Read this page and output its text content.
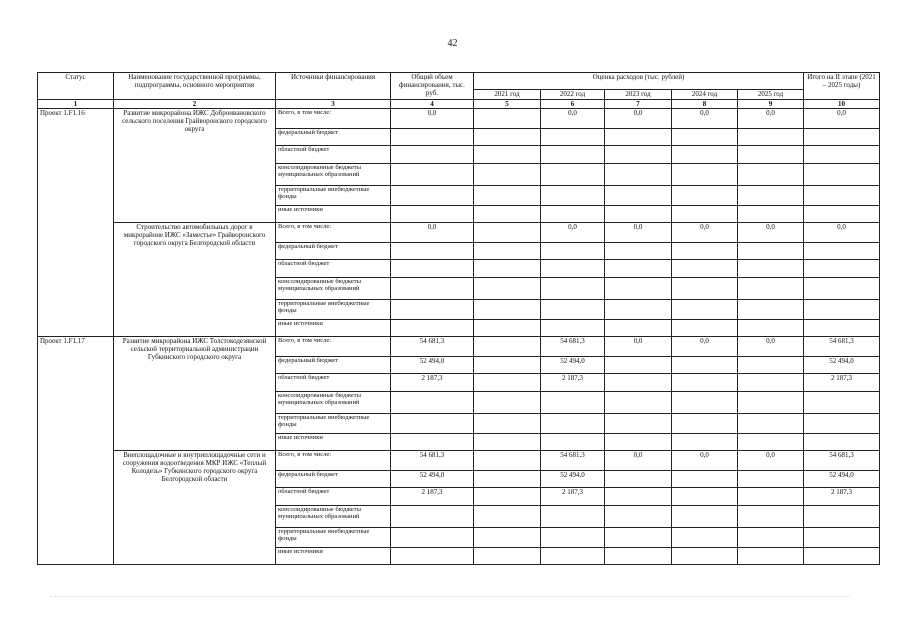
42
Статус	Наименование государственной программы, подпрограммы, основного мероприятия	Источники финансирования	Общий объем финансирования, тыс. руб.	Оценка расходов (тыс. рублей)					Итого на II этапе (2021 – 2025 годы)
				2021 год	2022 год	2023 год	2024 год	2025 год	
1	2	3	4	5	6	7	8	9	10
Проект 1.F1.16	Развитие микрорайона ИЖС Доброивановского сельского поселения Грайворонского городского округа	Всего, в том числе:	0,0		0,0	0,0	0,0	0,0	0,0
		федеральный бюджет							
		областной бюджет							
		консолидированные бюджеты муниципальных образований							
		территориальные внебюджетные фонды							
		иные источники							
	Строительство автомобильных дорог в микрорайоне ИЖС «Заместье» Грайворонского городского округа Белгородской области	Всего, в том числе:	0,0		0,0	0,0	0,0	0,0	0,0
		федеральный бюджет							
		областной бюджет							
		консолидированные бюджеты муниципальных образований							
		территориальные внебюджетные фонды							
		иные источники							
Проект 1.F1.17	Развитие микрорайона ИЖС Толстокодезянской сельской территориальной администрации Губкинского городского округа	Всего, в том числе:	54 681,3		54 681,3	0,0	0,0	0,0	54 681,3
		федеральный бюджет	52 494,0		52 494,0				52 494,0
		областной бюджет	2 187,3		2 187,3				2 187,3
		консолидированные бюджеты муниципальных образований							
		территориальные внебюджетные фонды							
		иные источники							
	Внеплощадочные и внутриплощадочные сети и сооружения водоотведения МКР ИЖС «Теплый Колодезь» Губкинского городского округа Белгородской области	Всего, в том числе:	54 681,3		54 681,3	0,0	0,0	0,0	54 681,3
		федеральный бюджет	52 494,0		52 494,0				52 494,0
		областной бюджет	2 187,3		2 187,3				2 187,3
		консолидированные бюджеты муниципальных образований							
		территориальные внебюджетные фонды							
		иные источники							
